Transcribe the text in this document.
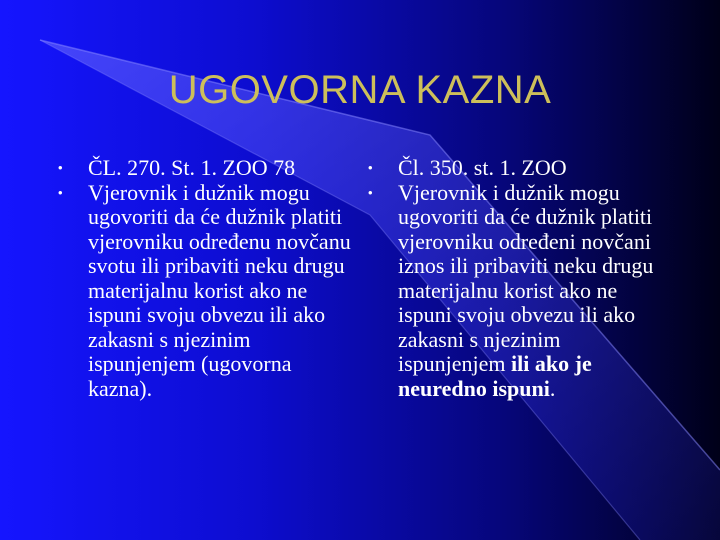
UGOVORNA KAZNA
• ČL. 270. St. 1. ZOO 78
• Vjerovnik i dužnik mogu ugovoriti da će dužnik platiti vjerovniku određenu novčanu svotu ili pribaviti neku drugu materijalnu korist ako ne ispuni svoju obvezu ili ako zakasni s njezinim ispunjenjem (ugovorna kazna).
• Čl. 350. st. 1. ZOO
• Vjerovnik i dužnik mogu ugovoriti da će dužnik platiti vjerovniku određeni novčani iznos ili pribaviti neku drugu materijalnu korist ako ne ispuni svoju obvezu ili ako zakasni s njezinim ispunjenjem ili ako je neuredno ispuni.
